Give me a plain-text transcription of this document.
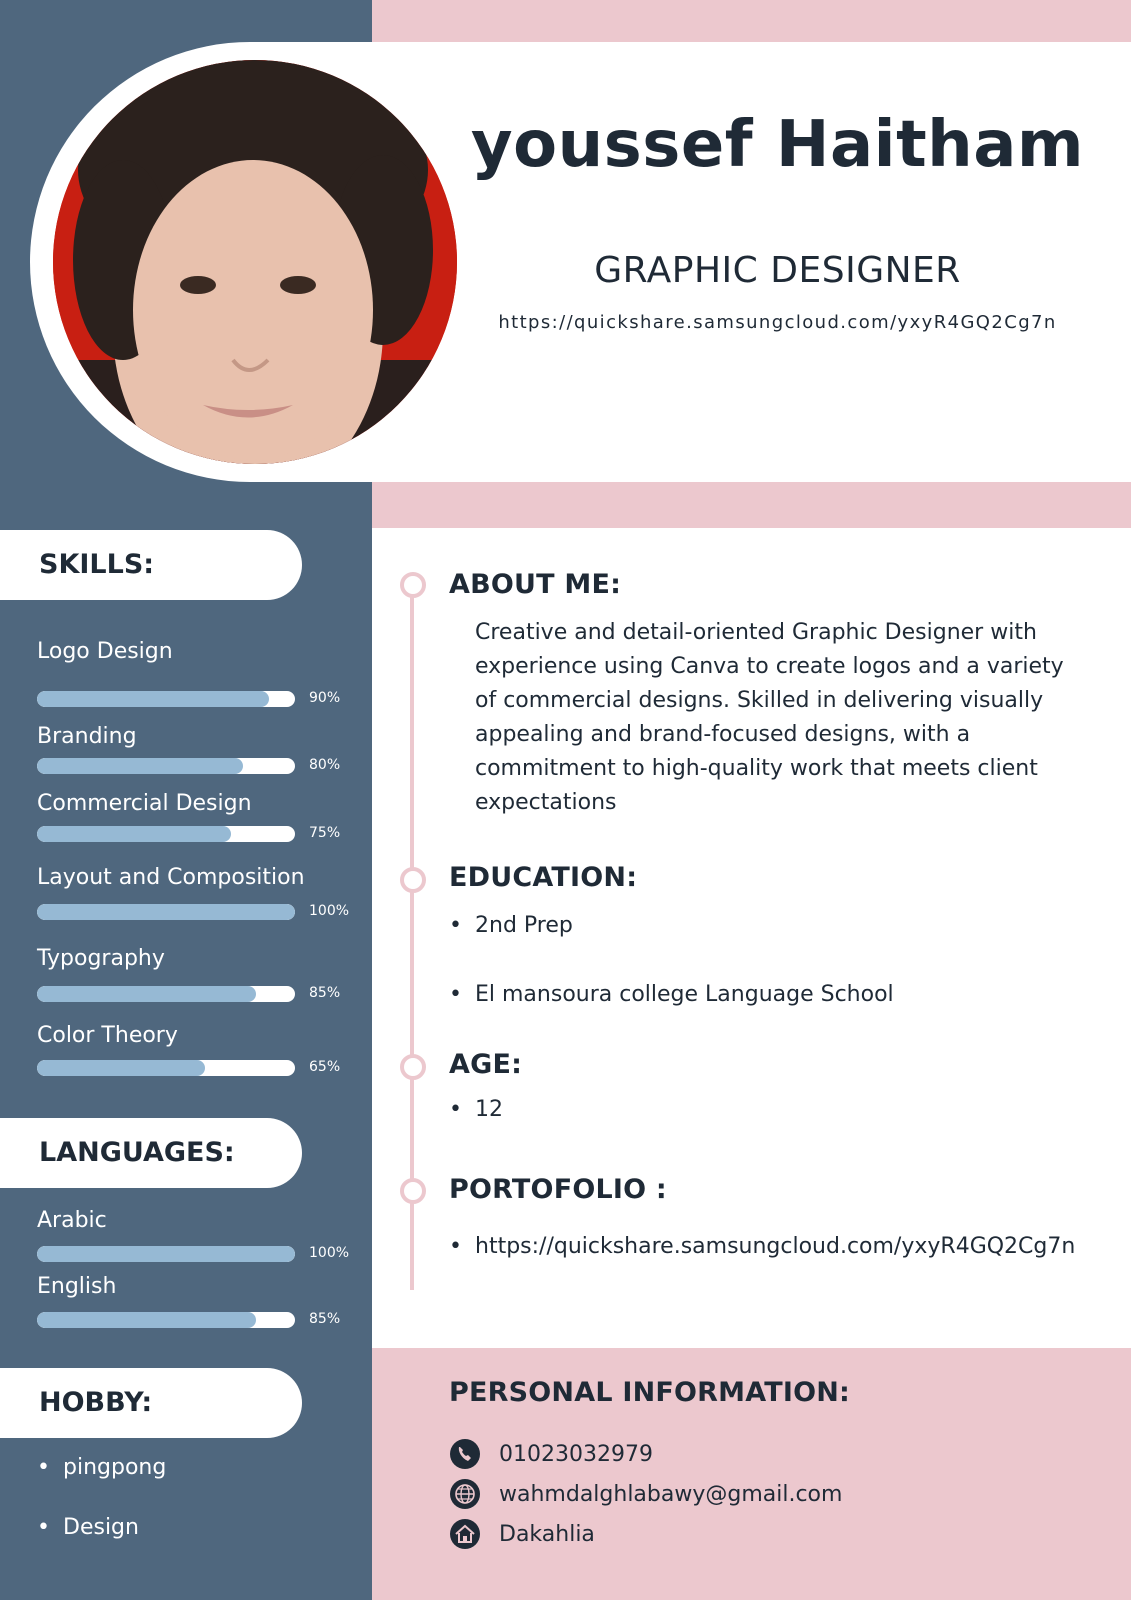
youssef Haitham
GRAPHIC DESIGNER
https://quickshare.samsungcloud.com/yxyR4GQ2Cg7n
SKILLS:
Logo Design
90%
Branding
80%
Commercial Design
75%
Layout and Composition
100%
Typography
85%
Color Theory
65%
LANGUAGES:
Arabic
100%
English
85%
HOBBY:
• pingpong
• Design
ABOUT ME:
Creative and detail-oriented Graphic Designer with experience using Canva to create logos and a variety of commercial designs. Skilled in delivering visually appealing and brand-focused designs, with a commitment to high-quality work that meets client expectations
EDUCATION:
• 2nd Prep
• El mansoura college Language School
AGE:
• 12
PORTOFOLIO :
• https://quickshare.samsungcloud.com/yxyR4GQ2Cg7n
PERSONAL INFORMATION:
01023032979
wahmdalghlabawy@gmail.com
Dakahlia
